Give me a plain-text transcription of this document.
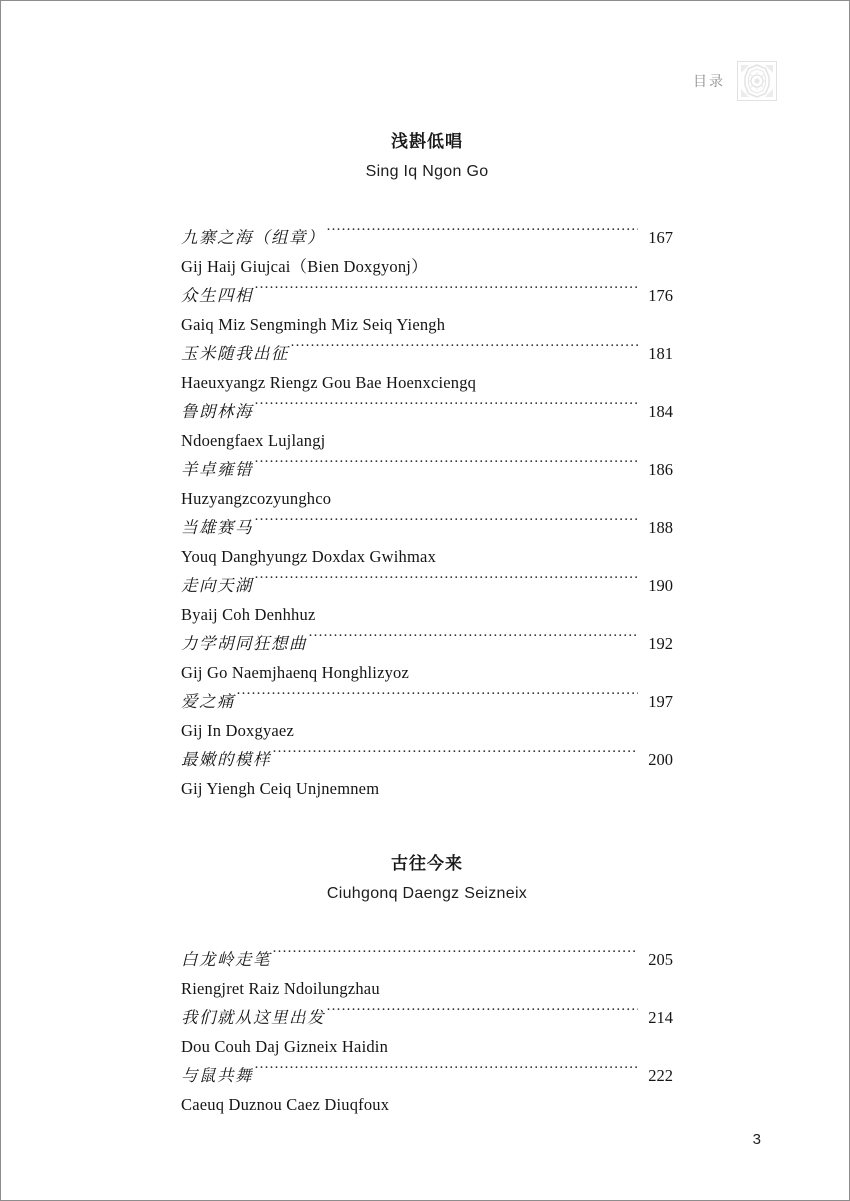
目录
浅斟低唱
Sing Iq Ngon Go
九寨之海（组章） ·····	167
Gij Haij Giujcai（Bien Doxgyonj）
众生四相 ·····	176
Gaiq Miz Sengmingh Miz Seiq Yiengh
玉米随我出征 ·····	181
Haeuxyangz Riengz Gou Bae Hoenxciengq
鲁朗林海 ·····	184
Ndoengfaex Lujlangj
羊卓雍错 ·····	186
Huzyangzcozyunghco
当雄赛马 ·····	188
Youq Danghyungz Doxdax Gwihmax
走向天湖 ·····	190
Byaij Coh Denhhuz
力学胡同狂想曲 ·····	192
Gij Go Naemjhaenq Honghlizyoz
爱之痛 ·····	197
Gij In Doxgyaez
最嫩的模样 ·····	200
Gij Yiengh Ceiq Unjnemnem
古往今来
Ciuhgonq Daengz Seizneix
白龙岭走笔 ·····	205
Riengjret Raiz Ndoilungzhau
我们就从这里出发 ·····	214
Dou Couh Daj Gizneix Haidin
与鼠共舞 ·····	222
Caeuq Duznou Caez Diuqfoux
3
